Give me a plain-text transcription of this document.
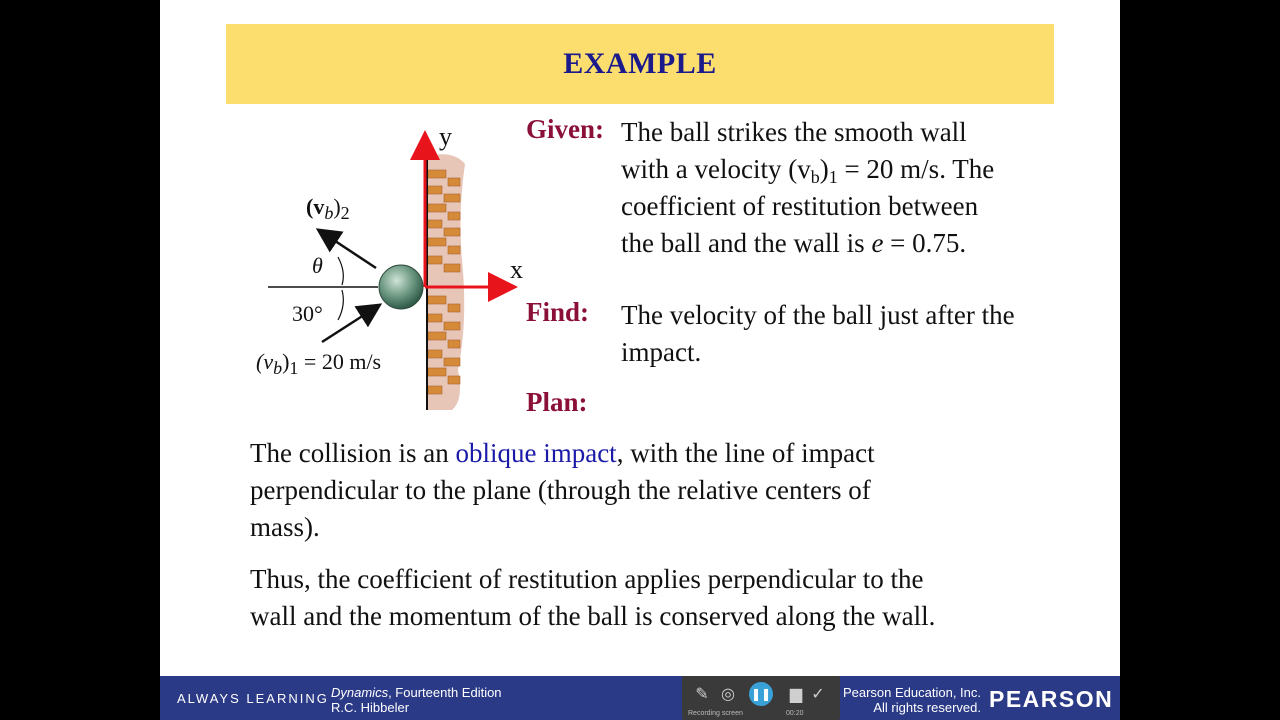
EXAMPLE
y
x
$(v_b)_2$
θ
30°
$(v_b)_1 = 20$ m/s
Given: The ball strikes the smooth wall
with a velocity $(v_b)_1 = 20$ m/s. The
coefficient of restitution between
the ball and the wall is e = 0.75.
Find: The velocity of the ball just after the
impact.
Plan:
The collision is an oblique impact, with the line of impact
perpendicular to the plane (through the relative centers of
mass).
Thus, the coefficient of restitution applies perpendicular to the
wall and the momentum of the ball is conserved along the wall.
ALWAYS LEARNING Dynamics, Fourteenth Edition
R.C. Hibbeler
✎ ◎ ❚❚ ▆ ✓
Recording screen	00:20
Pearson Education, Inc.
All rights reserved. PEARSON
